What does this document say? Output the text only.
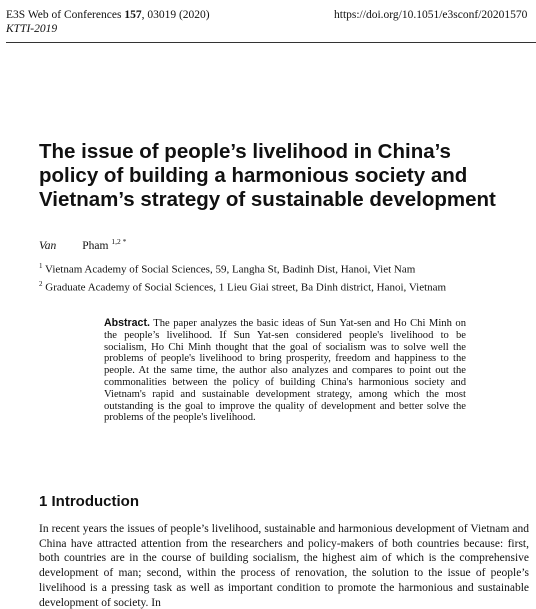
E3S Web of Conferences 157, 03019 (2020)
KTTI-2019
https://doi.org/10.1051/e3sconf/20201570
The issue of people’s livelihood in China’s
policy of building a harmonious society and
Vietnam’s strategy of sustainable development
Van Pham $^{1,2 *}$
$^1$ Vietnam Academy of Social Sciences, 59, Langha St, Badinh Dist, Hanoi, Viet Nam
$^2$ Graduate Academy of Social Sciences, 1 Lieu Giai street, Ba Dinh district, Hanoi, Vietnam
Abstract. The paper analyzes the basic ideas of Sun Yat-sen and Ho Chi Minh on the people’s livelihood. If Sun Yat-sen considered people's livelihood to be socialism, Ho Chi Minh thought that the goal of socialism was to solve well the problems of people's livelihood to bring prosperity, freedom and happiness to the people. At the same time, the author also analyzes and compares to point out the commonalities between the policy of building China's harmonious society and Vietnam's rapid and sustainable development strategy, among which the most outstanding is the goal to improve the quality of development and better solve the problems of the people's livelihood.
1 Introduction
In recent years the issues of people’s livelihood, sustainable and harmonious development of Vietnam and China have attracted attention from the researchers and policy-makers of both countries because: first, both countries are in the course of building socialism, the highest aim of which is the comprehensive development of man; second, within the process of renovation, the solution to the issue of people’s livelihood is a pressing task as well as important condition to promote the harmonious and sustainable development of society. In
